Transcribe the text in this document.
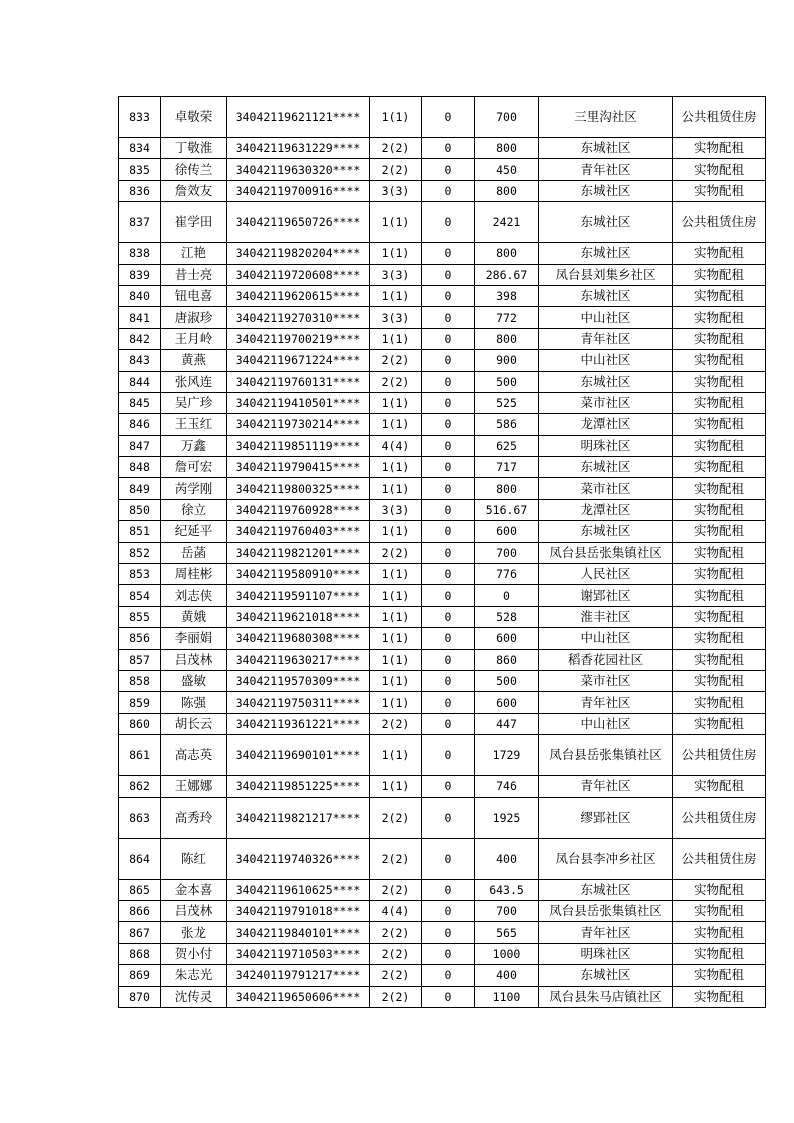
833	卓敬荣	34042119621121****	1(1)	0	700	三里沟社区	公共租赁住房
834	丁敬淮	34042119631229****	2(2)	0	800	东城社区	实物配租
835	徐传兰	34042119630320****	2(2)	0	450	青年社区	实物配租
836	詹效友	34042119700916****	3(3)	0	800	东城社区	实物配租
837	崔学田	34042119650726****	1(1)	0	2421	东城社区	公共租赁住房
838	江艳	34042119820204****	1(1)	0	800	东城社区	实物配租
839	昔士亮	34042119720608****	3(3)	0	286.67	凤台县刘集乡社区	实物配租
840	钮电喜	34042119620615****	1(1)	0	398	东城社区	实物配租
841	唐淑珍	34042119270310****	3(3)	0	772	中山社区	实物配租
842	王月岭	34042119700219****	1(1)	0	800	青年社区	实物配租
843	黄燕	34042119671224****	2(2)	0	900	中山社区	实物配租
844	张风连	34042119760131****	2(2)	0	500	东城社区	实物配租
845	吴广珍	34042119410501****	1(1)	0	525	菜市社区	实物配租
846	王玉红	34042119730214****	1(1)	0	586	龙潭社区	实物配租
847	万鑫	34042119851119****	4(4)	0	625	明珠社区	实物配租
848	詹可宏	34042119790415****	1(1)	0	717	东城社区	实物配租
849	芮学刚	34042119800325****	1(1)	0	800	菜市社区	实物配租
850	徐立	34042119760928****	3(3)	0	516.67	龙潭社区	实物配租
851	纪延平	34042119760403****	1(1)	0	600	东城社区	实物配租
852	岳菡	34042119821201****	2(2)	0	700	凤台县岳张集镇社区	实物配租
853	周桂彬	34042119580910****	1(1)	0	776	人民社区	实物配租
854	刘志侠	34042119591107****	1(1)	0	0	谢郢社区	实物配租
855	黄娥	34042119621018****	1(1)	0	528	淮丰社区	实物配租
856	李丽娟	34042119680308****	1(1)	0	600	中山社区	实物配租
857	吕茂林	34042119630217****	1(1)	0	860	稻香花园社区	实物配租
858	盛敏	34042119570309****	1(1)	0	500	菜市社区	实物配租
859	陈强	34042119750311****	1(1)	0	600	青年社区	实物配租
860	胡长云	34042119361221****	2(2)	0	447	中山社区	实物配租
861	高志英	34042119690101****	1(1)	0	1729	凤台县岳张集镇社区	公共租赁住房
862	王娜娜	34042119851225****	1(1)	0	746	青年社区	实物配租
863	高秀玲	34042119821217****	2(2)	0	1925	缪郢社区	公共租赁住房
864	陈红	34042119740326****	2(2)	0	400	凤台县李冲乡社区	公共租赁住房
865	金本喜	34042119610625****	2(2)	0	643.5	东城社区	实物配租
866	吕茂林	34042119791018****	4(4)	0	700	凤台县岳张集镇社区	实物配租
867	张龙	34042119840101****	2(2)	0	565	青年社区	实物配租
868	贺小付	34042119710503****	2(2)	0	1000	明珠社区	实物配租
869	朱志光	34240119791217****	2(2)	0	400	东城社区	实物配租
870	沈传灵	34042119650606****	2(2)	0	1100	凤台县朱马店镇社区	实物配租
